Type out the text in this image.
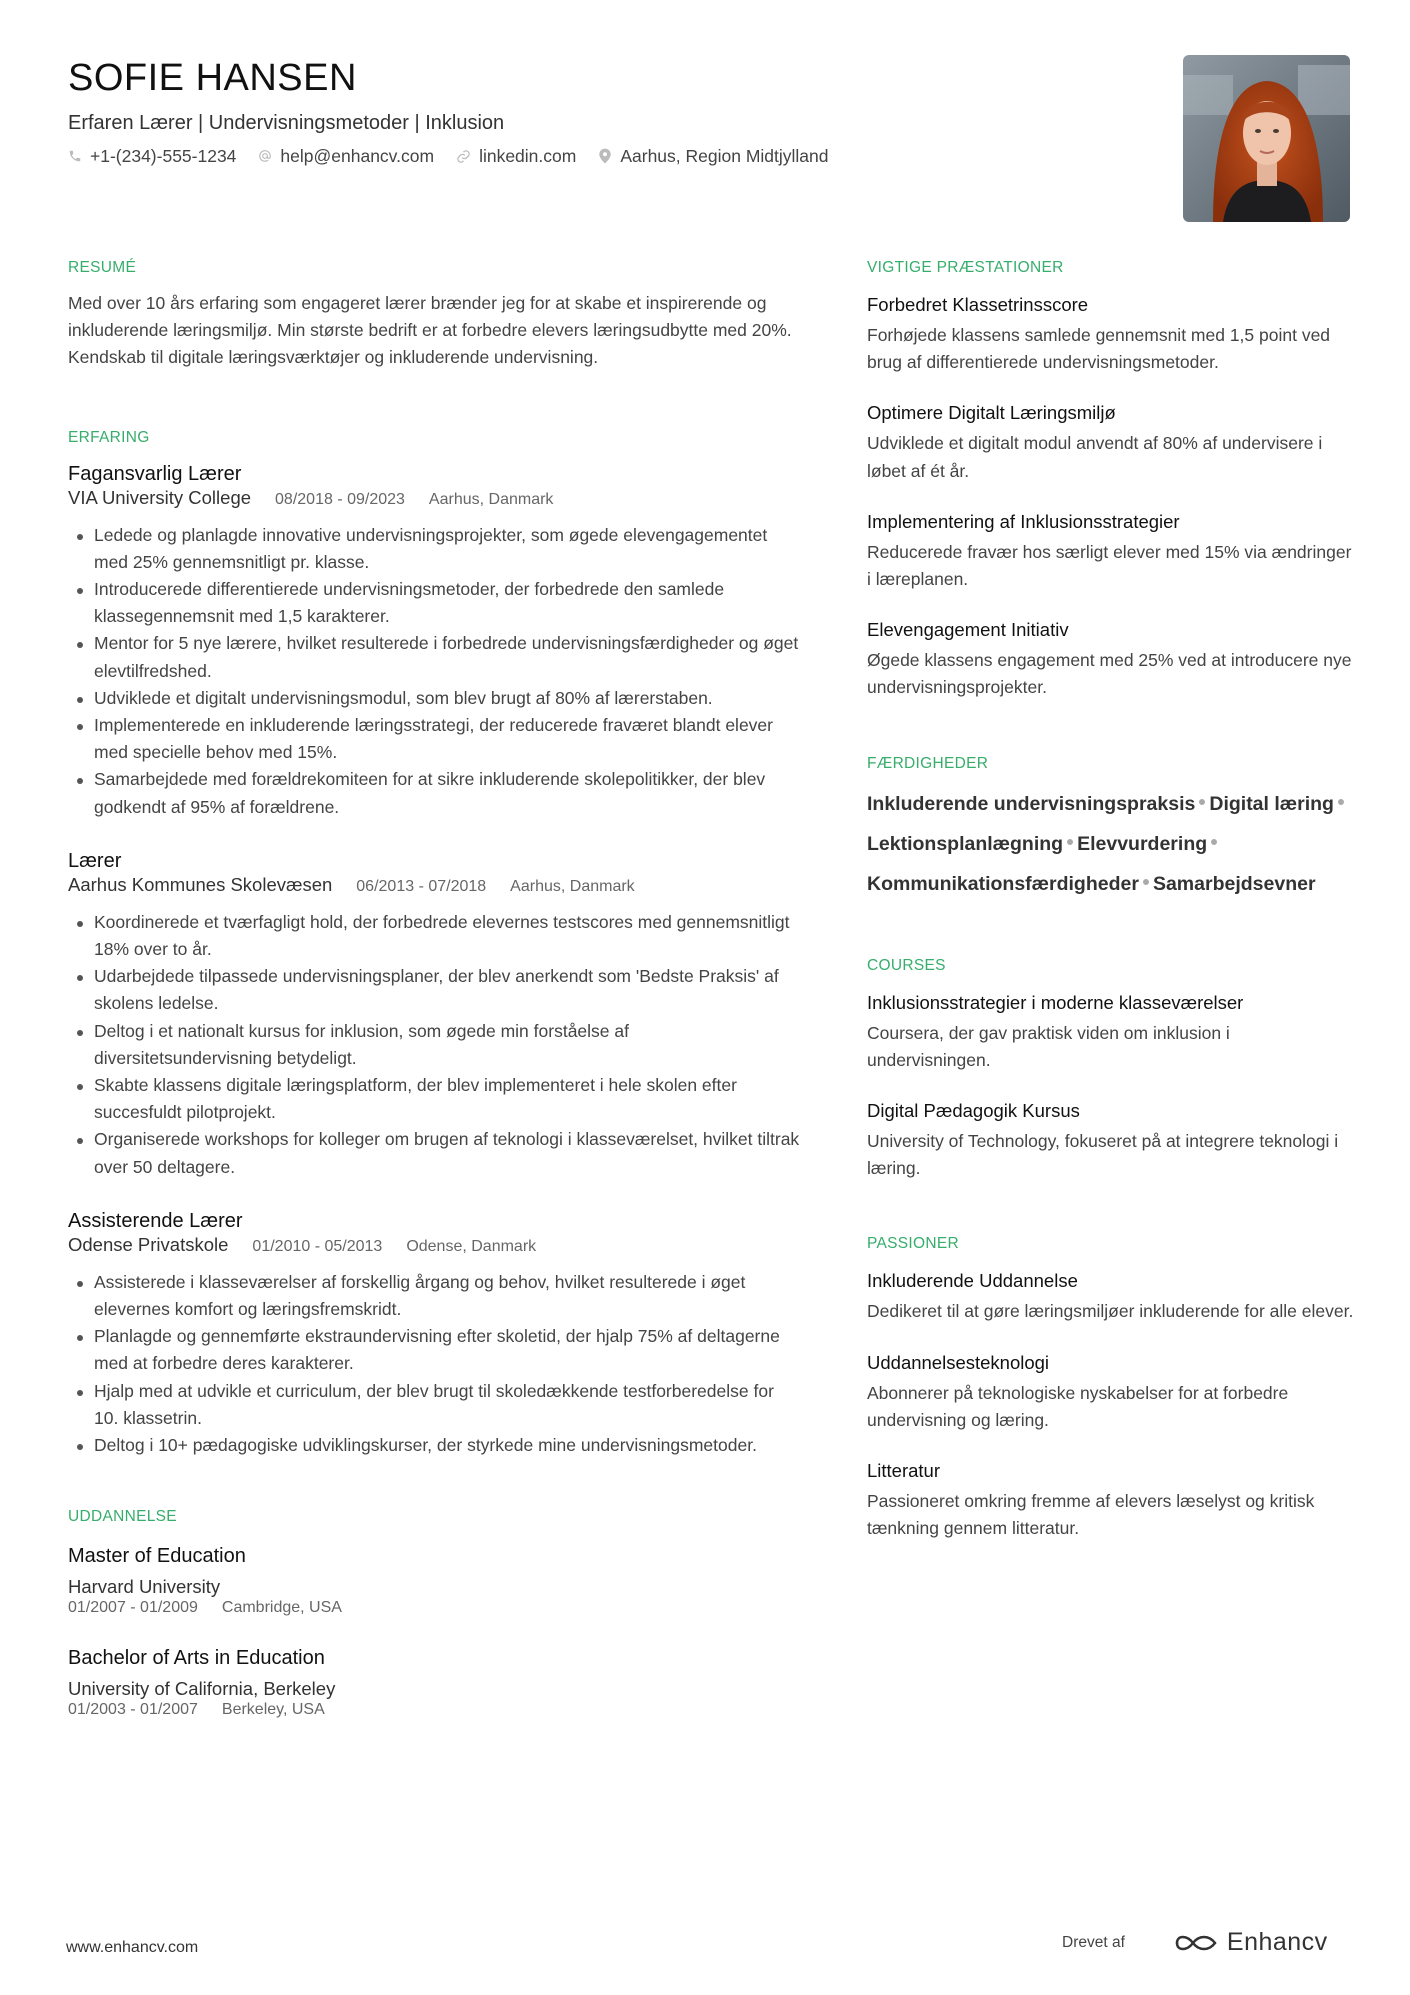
SOFIE HANSEN
Erfaren Lærer | Undervisningsmetoder | Inklusion
+1-(234)-555-1234	help@enhancv.com	linkedin.com	Aarhus, Region Midtjylland
RESUMÉ
Med over 10 års erfaring som engageret lærer brænder jeg for at skabe et inspirerende og inkluderende læringsmiljø. Min største bedrift er at forbedre elevers læringsudbytte med 20%. Kendskab til digitale læringsværktøjer og inkluderende undervisning.
ERFARING
Fagansvarlig Lærer
VIA University College 08/2018 - 09/2023 Aarhus, Danmark
Ledede og planlagde innovative undervisningsprojekter, som øgede elevengagementet med 25% gennemsnitligt pr. klasse.
Introducerede differentierede undervisningsmetoder, der forbedrede den samlede klassegennemsnit med 1,5 karakterer.
Mentor for 5 nye lærere, hvilket resulterede i forbedrede undervisningsfærdigheder og øget elevtilfredshed.
Udviklede et digitalt undervisningsmodul, som blev brugt af 80% af lærerstaben.
Implementerede en inkluderende læringsstrategi, der reducerede fraværet blandt elever med specielle behov med 15%.
Samarbejdede med forældrekomiteen for at sikre inkluderende skolepolitikker, der blev godkendt af 95% af forældrene.
Lærer
Aarhus Kommunes Skolevæsen 06/2013 - 07/2018 Aarhus, Danmark
Koordinerede et tværfagligt hold, der forbedrede elevernes testscores med gennemsnitligt 18% over to år.
Udarbejdede tilpassede undervisningsplaner, der blev anerkendt som 'Bedste Praksis' af skolens ledelse.
Deltog i et nationalt kursus for inklusion, som øgede min forståelse af diversitetsundervisning betydeligt.
Skabte klassens digitale læringsplatform, der blev implementeret i hele skolen efter succesfuldt pilotprojekt.
Organiserede workshops for kolleger om brugen af teknologi i klasseværelset, hvilket tiltrak over 50 deltagere.
Assisterende Lærer
Odense Privatskole 01/2010 - 05/2013 Odense, Danmark
Assisterede i klasseværelser af forskellig årgang og behov, hvilket resulterede i øget elevernes komfort og læringsfremskridt.
Planlagde og gennemførte ekstraundervisning efter skoletid, der hjalp 75% af deltagerne med at forbedre deres karakterer.
Hjalp med at udvikle et curriculum, der blev brugt til skoledækkende testforberedelse for 10. klassetrin.
Deltog i 10+ pædagogiske udviklingskurser, der styrkede mine undervisningsmetoder.
UDDANNELSE
Master of Education
Harvard University
01/2007 - 01/2009 Cambridge, USA
Bachelor of Arts in Education
University of California, Berkeley
01/2003 - 01/2007 Berkeley, USA
VIGTIGE PRÆSTATIONER
Forbedret Klassetrinsscore
Forhøjede klassens samlede gennemsnit med 1,5 point ved brug af differentierede undervisningsmetoder.
Optimere Digitalt Læringsmiljø
Udviklede et digitalt modul anvendt af 80% af undervisere i løbet af ét år.
Implementering af Inklusionsstrategier
Reducerede fravær hos særligt elever med 15% via ændringer i læreplanen.
Elevengagement Initiativ
Øgede klassens engagement med 25% ved at introducere nye undervisningsprojekter.
FÆRDIGHEDER
Inkluderende undervisningspraksis Digital læring
Lektionsplanlægning Elevvurdering
Kommunikationsfærdigheder Samarbejdsevner
COURSES
Inklusionsstrategier i moderne klasseværelser
Coursera, der gav praktisk viden om inklusion i undervisningen.
Digital Pædagogik Kursus
University of Technology, fokuseret på at integrere teknologi i læring.
PASSIONER
Inkluderende Uddannelse
Dedikeret til at gøre læringsmiljøer inkluderende for alle elever.
Uddannelsesteknologi
Abonnerer på teknologiske nyskabelser for at forbedre undervisning og læring.
Litteratur
Passioneret omkring fremme af elevers læselyst og kritisk tænkning gennem litteratur.
www.enhancv.com	Drevet af	Enhancv
